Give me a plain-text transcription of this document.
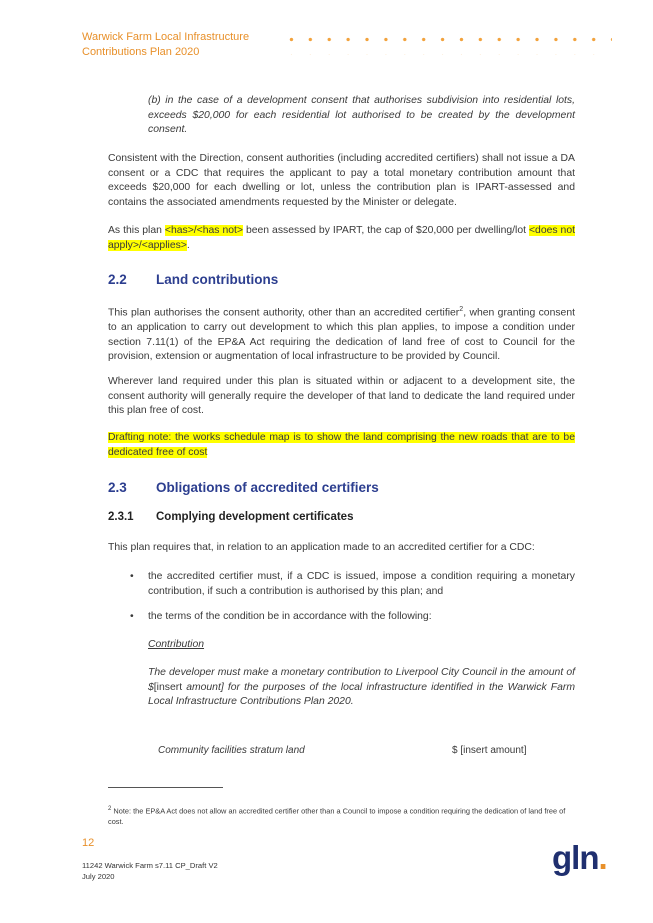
Warwick Farm Local Infrastructure
Contributions Plan 2020
(b) in the case of a development consent that authorises subdivision into residential lots, exceeds $20,000 for each residential lot authorised to be created by the development consent.
Consistent with the Direction, consent authorities (including accredited certifiers) shall not issue a DA consent or a CDC that requires the applicant to pay a total monetary contribution amount that exceeds $20,000 for each dwelling or lot, unless the contribution plan is IPART-assessed and contains the associated amendments requested by the Minister or delegate.
As this plan <has>/<has not> been assessed by IPART, the cap of $20,000 per dwelling/lot <does not apply>/<applies>.
2.2 Land contributions
This plan authorises the consent authority, other than an accredited certifier$^2$, when granting consent to an application to carry out development to which this plan applies, to impose a condition under section 7.11(1) of the EP&A Act requiring the dedication of land free of cost to Council for the provision, extension or augmentation of local infrastructure to be provided by Council.
Wherever land required under this plan is situated within or adjacent to a development site, the consent authority will generally require the developer of that land to dedicate the land required under this plan free of cost.
Drafting note: the works schedule map is to show the land comprising the new roads that are to be dedicated free of cost
2.3 Obligations of accredited certifiers
2.3.1 Complying development certificates
This plan requires that, in relation to an application made to an accredited certifier for a CDC:
• the accredited certifier must, if a CDC is issued, impose a condition requiring a monetary contribution, if such a contribution is authorised by this plan; and
• the terms of the condition be in accordance with the following:
Contribution
The developer must make a monetary contribution to Liverpool City Council in the amount of $[insert amount] for the purposes of the local infrastructure identified in the Warwick Farm Local Infrastructure Contributions Plan 2020.
Community facilities stratum land	$ [insert amount]
$^2$ Note: the EP&A Act does not allow an accredited certifier other than a Council to impose a condition requiring the dedication of land free of cost.
12
11242 Warwick Farm s7.11 CP_Draft V2
July 2020	gln.
